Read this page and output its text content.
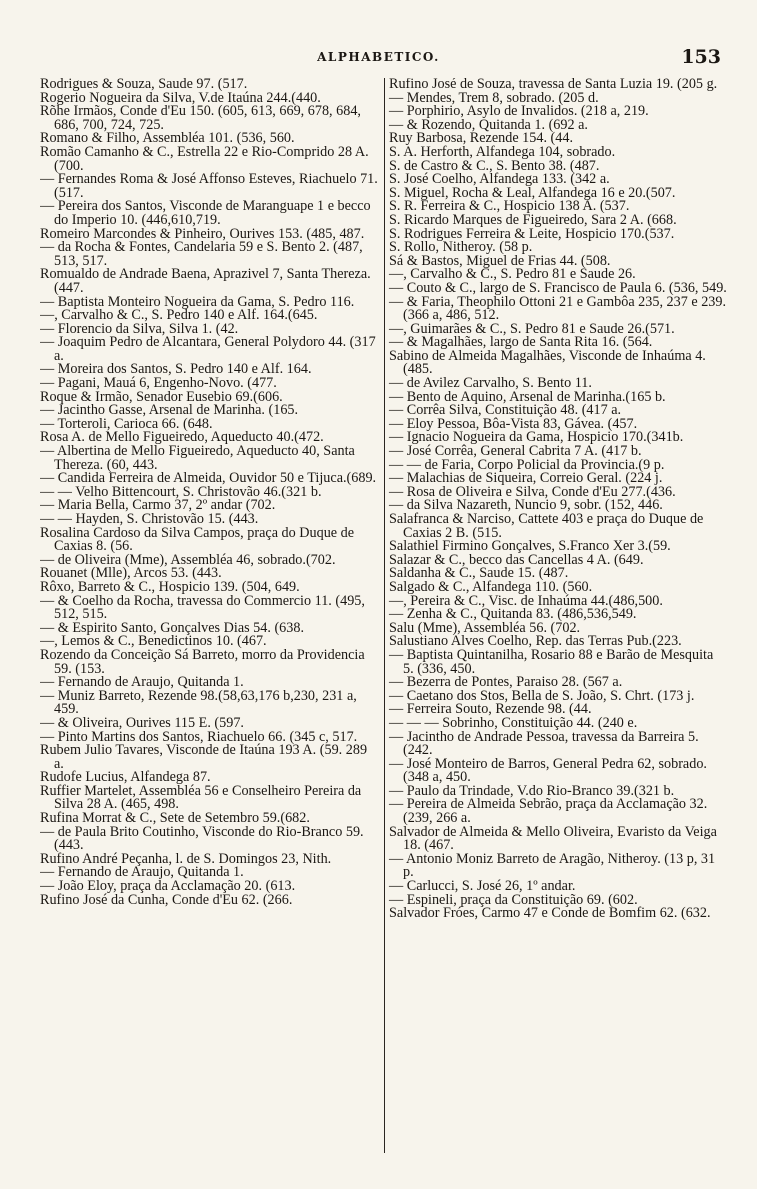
ALPHABETICO.	153

Rodrigues & Souza, Saude 97. (517.

Rogerio Nogueira da Silva, V.de Itaúna 244.(440.

Rõhe Irmãos, Conde d'Eu 150. (605, 613, 669, 678, 684, 686, 700, 724, 725.

Romano & Filho, Assembléa 101. (536, 560.

Romão Camanho & C., Estrella 22 e Rio-Comprido 28 A. (700.

— Fernandes Roma & José Affonso Esteves, Riachuelo 71. (517.

— Pereira dos Santos, Visconde de Maranguape 1 e becco do Imperio 10. (446,610,719.

Romeiro Marcondes & Pinheiro, Ourives 153. (485, 487.

— da Rocha & Fontes, Candelaria 59 e S. Bento 2. (487, 513, 517.

Romualdo de Andrade Baena, Aprazivel 7, Santa Thereza. (447.

— Baptista Monteiro Nogueira da Gama, S. Pedro 116.

—, Carvalho & C., S. Pedro 140 e Alf. 164.(645.

— Florencio da Silva, Silva 1. (42.

— Joaquim Pedro de Alcantara, General Polydoro 44. (317 a.

— Moreira dos Santos, S. Pedro 140 e Alf. 164.

— Pagani, Mauá 6, Engenho-Novo. (477.

Roque & Irmão, Senador Eusebio 69.(606.

— Jacintho Gasse, Arsenal de Marinha. (165.

— Torteroli, Carioca 66. (648.

Rosa A. de Mello Figueiredo, Aqueducto 40.(472.

— Albertina de Mello Figueiredo, Aqueducto 40, Santa Thereza. (60, 443.

— Candida Ferreira de Almeida, Ouvidor 50 e Tijuca.(689.

— — Velho Bittencourt, S. Christovão 46.(321 b.

— Maria Bella, Carmo 37, 2º andar (702.

— — Hayden, S. Christovão 15. (443.

Rosalina Cardoso da Silva Campos, praça do Duque de Caxias 8. (56.

— de Oliveira (Mme), Assembléa 46, sobrado.(702.

Rouanet (Mlle), Arcos 53. (443.

Rôxo, Barreto & C., Hospicio 139. (504, 649.

— & Coelho da Rocha, travessa do Commercio 11. (495, 512, 515.

— & Espirito Santo, Gonçalves Dias 54. (638.

—, Lemos & C., Benedictinos 10. (467.

Rozendo da Conceição Sá Barreto, morro da Providencia 59. (153.

— Fernando de Araujo, Quitanda 1.

— Muniz Barreto, Rezende 98.(58,63,176 b,230, 231 a, 459.

— & Oliveira, Ourives 115 E. (597.

— Pinto Martins dos Santos, Riachuelo 66. (345 c, 517.

Rubem Julio Tavares, Visconde de Itaúna 193 A. (59. 289 a.

Rudofe Lucius, Alfandega 87.

Ruffier Martelet, Assembléa 56 e Conselheiro Pereira da Silva 28 A. (465, 498.

Rufina Morrat & C., Sete de Setembro 59.(682.

— de Paula Brito Coutinho, Visconde do Rio-Branco 59. (443.

Rufino André Peçanha, l. de S. Domingos 23, Nith.

— Fernando de Araujo, Quitanda 1.

— João Eloy, praça da Acclamação 20. (613.

Rufino José da Cunha, Conde d'Eu 62. (266.

Rufino José de Souza, travessa de Santa Luzia 19. (205 g.

— Mendes, Trem 8, sobrado. (205 d.

— Porphirio, Asylo de Invalidos. (218 a, 219.

— & Rozendo, Quitanda 1. (692 a.

Ruy Barbosa, Rezende 154. (44.

S. A. Herforth, Alfandega 104, sobrado.

S. de Castro & C., S. Bento 38. (487.

S. José Coelho, Alfandega 133. (342 a.

S. Miguel, Rocha & Leal, Alfandega 16 e 20.(507.

S. R. Ferreira & C., Hospicio 138 A. (537.

S. Ricardo Marques de Figueiredo, Sara 2 A. (668.

S. Rodrigues Ferreira & Leite, Hospicio 170.(537.

S. Rollo, Nitheroy. (58 p.

Sá & Bastos, Miguel de Frias 44. (508.

—, Carvalho & C., S. Pedro 81 e Saude 26.

— Couto & C., largo de S. Francisco de Paula 6. (536, 549.

— & Faria, Theophilo Ottoni 21 e Gambôa 235, 237 e 239. (366 a, 486, 512.

—, Guimarães & C., S. Pedro 81 e Saude 26.(571.

— & Magalhães, largo de Santa Rita 16. (564.

Sabino de Almeida Magalhães, Visconde de Inhaúma 4. (485.

— de Avilez Carvalho, S. Bento 11.

— Bento de Aquino, Arsenal de Marinha.(165 b.

— Corrêa Silva, Constituição 48. (417 a.

— Eloy Pessoa, Bôa-Vista 83, Gávea. (457.

— Ignacio Nogueira da Gama, Hospicio 170.(341b.

— José Corrêa, General Cabrita 7 A. (417 b.

— — de Faria, Corpo Policial da Provincia.(9 p.

— Malachias de Siqueira, Correio Geral. (224 j.

— Rosa de Oliveira e Silva, Conde d'Eu 277.(436.

— da Silva Nazareth, Nuncio 9, sobr. (152, 446.

Salafranca & Narciso, Cattete 403 e praça do Duque de Caxias 2 B. (515.

Salathiel Firmino Gonçalves, S.Franco Xer 3.(59.

Salazar & C., becco das Cancellas 4 A. (649.

Saldanha & C., Saude 15. (487.

Salgado & C., Alfandega 110. (560.

—, Pereira & C., Visc. de Inhaúma 44.(486,500.

— Zenha & C., Quitanda 83. (486,536,549.

Salu (Mme), Assembléa 56. (702.

Salustiano Alves Coelho, Rep. das Terras Pub.(223.

— Baptista Quintanilha, Rosario 88 e Barão de Mesquita 5. (336, 450.

— Bezerra de Pontes, Paraiso 28. (567 a.

— Caetano dos Stos, Bella de S. João, S. Chrt. (173 j.

— Ferreira Souto, Rezende 98. (44.

— — — Sobrinho, Constituição 44. (240 e.

— Jacintho de Andrade Pessoa, travessa da Barreira 5. (242.

— José Monteiro de Barros, General Pedra 62, sobrado. (348 a, 450.

— Paulo da Trindade, V.do Rio-Branco 39.(321 b.

— Pereira de Almeida Sebrão, praça da Acclamação 32. (239, 266 a.

Salvador de Almeida & Mello Oliveira, Evaristo da Veiga 18. (467.

— Antonio Moniz Barreto de Aragão, Nitheroy. (13 p, 31 p.

— Carlucci, S. José 26, 1º andar.

— Espineli, praça da Constituição 69. (602.

Salvador Fróes, Carmo 47 e Conde de Bomfim 62. (632.
